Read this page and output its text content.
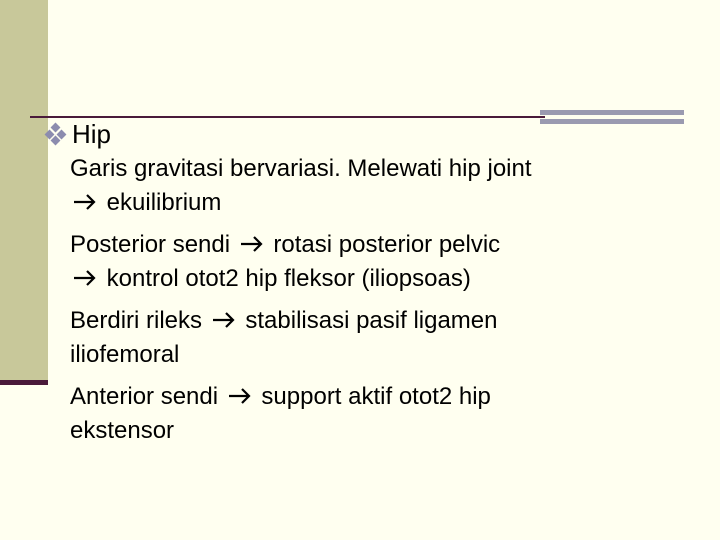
Hip
Garis gravitasi bervariasi. Melewati hip joint
ekuilibrium
Posterior sendi rotasi posterior pelvic
kontrol otot2 hip fleksor (iliopsoas)
Berdiri rileks stabilisasi pasif ligamen
iliofemoral
Anterior sendi support aktif otot2 hip
ekstensor
